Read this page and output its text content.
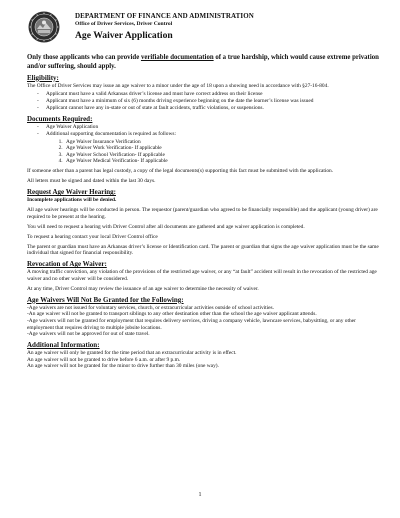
DEPARTMENT OF FINANCE AND ADMINISTRATION
Office of Driver Services, Driver Control
Age Waiver Application

Only those applicants who can provide verifiable documentation of a true hardship, which would cause extreme privation and/or suffering, should apply.

Eligibility:

The Office of Driver Services may issue an age waiver to a minor under the age of 18 upon a showing need in accordance with §27-16-804.

- Applicant must have a valid Arkansas driver’s license and must have correct address on their license
- Applicant must have a minimum of six (6) months driving experience beginning on the date the learner’s license was issued
- Applicant cannot have any in-state or out of state at fault accidents, traffic violations, or suspensions.

Documents Required:

- Age Waiver Application
- Additional supporting documentation is required as follows:
1. Age Waiver Insurance Verification
2. Age Waiver Work Verification- If applicable
3. Age Waiver School Verification- If applicable
4. Age Waiver Medical Verification- If applicable

If someone other than a parent has legal custody, a copy of the legal documents(s) supporting this fact must be submitted with the application.

All letters must be signed and dated within the last 30 days.

Request Age Waiver Hearing:

Incomplete applications will be denied.

All age waiver hearings will be conducted in person. The requestor (parent/guardian who agreed to be financially responsible) and the applicant (young driver) are required to be present at the hearing.

You will need to request a hearing with Driver Control after all documents are gathered and age waiver application is completed.

To request a hearing contact your local Driver Control office

The parent or guardian must have an Arkansas driver’s license or Identification card. The parent or guardian that signs the age waiver application must be the same individual that signed for financial responsibility.

Revocation of Age Waiver:

A moving traffic conviction, any violation of the provisions of the restricted age waiver, or any “at fault” accident will result in the revocation of the restricted age waiver and no other waiver will be considered.

At any time, Driver Control may review the issuance of an age waiver to determine the necessity of waiver.

Age Waivers Will Not Be Granted for the Following:

-Age waivers are not issued for voluntary services, church, or extracurricular activities outside of school activities.
-An age waiver will not be granted to transport siblings to any other destination other than the school the age waiver applicant attends.
-Age waivers will not be granted for employment that requires delivery services, driving a company vehicle, lawncare services, babysitting, or any other employment that requires driving to multiple jobsite locations.
-Age waivers will not be approved for out of state travel.

Additional Information:

An age waiver will only be granted for the time period that an extracurricular activity is in effect.
An age waiver will not be granted to drive before 6 a.m. or after 9 p.m.
An age waiver will not be granted for the minor to drive further than 30 miles (one way).
1
